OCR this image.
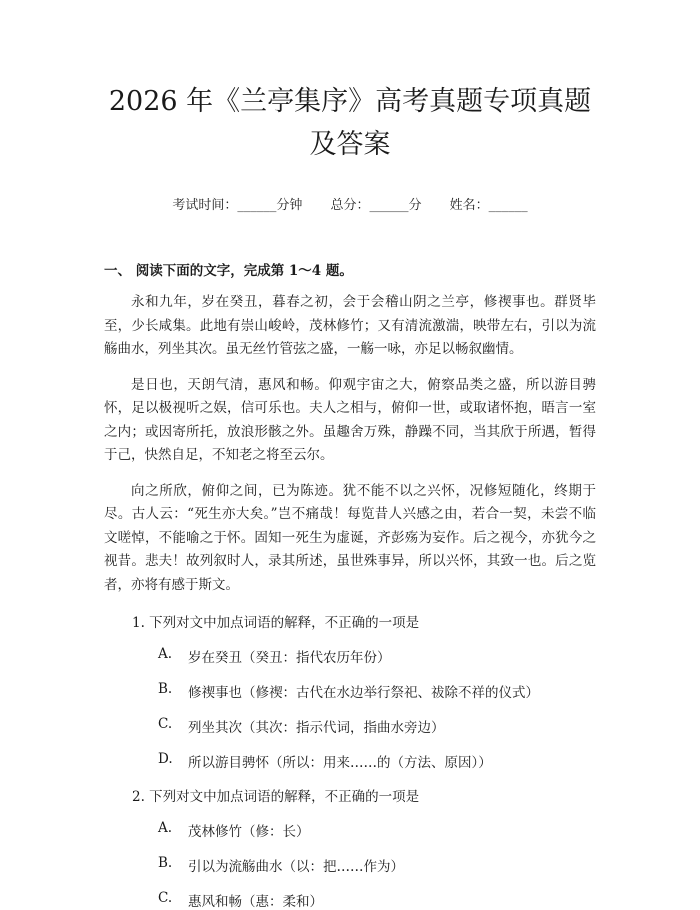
2026 年《兰亭集序》高考真题专项真题及答案
考试时间：______分钟 总分：______分 姓名：______
一、 阅读下面的文字，完成第 1～4 题。

永和九年，岁在癸丑，暮春之初，会于会稽山阴之兰亭，修禊事也。群贤毕至，少长咸集。此地有崇山峻岭，茂林修竹；又有清流激湍，映带左右，引以为流觞曲水，列坐其次。虽无丝竹管弦之盛，一觞一咏，亦足以畅叙幽情。

是日也，天朗气清，惠风和畅。仰观宇宙之大，俯察品类之盛，所以游目骋怀，足以极视听之娱，信可乐也。夫人之相与，俯仰一世，或取诸怀抱，晤言一室之内；或因寄所托，放浪形骸之外。虽趣舍万殊，静躁不同，当其欣于所遇，暂得于己，快然自足，不知老之将至云尔。

向之所欣，俯仰之间，已为陈迹。犹不能不以之兴怀，况修短随化，终期于尽。古人云：“死生亦大矣。”岂不痛哉！每览昔人兴感之由，若合一契，未尝不临文嗟悼，不能喻之于怀。固知一死生为虚诞，齐彭殇为妄作。后之视今，亦犹今之视昔。悲夫！故列叙时人，录其所述，虽世殊事异，所以兴怀，其致一也。后之览者，亦将有感于斯文。

1. 下列对文中加点词语的解释，不正确的一项是
A.	岁在癸丑（癸丑：指代农历年份）
B.	修禊事也（修禊：古代在水边举行祭祀、祓除不祥的仪式）
C.	列坐其次（其次：指示代词，指曲水旁边）
D.	所以游目骋怀（所以：用来……的（方法、原因））
2. 下列对文中加点词语的解释，不正确的一项是
A.	茂林修竹（修：长）
B.	引以为流觞曲水（以：把……作为）
C.	惠风和畅（惠：柔和）
